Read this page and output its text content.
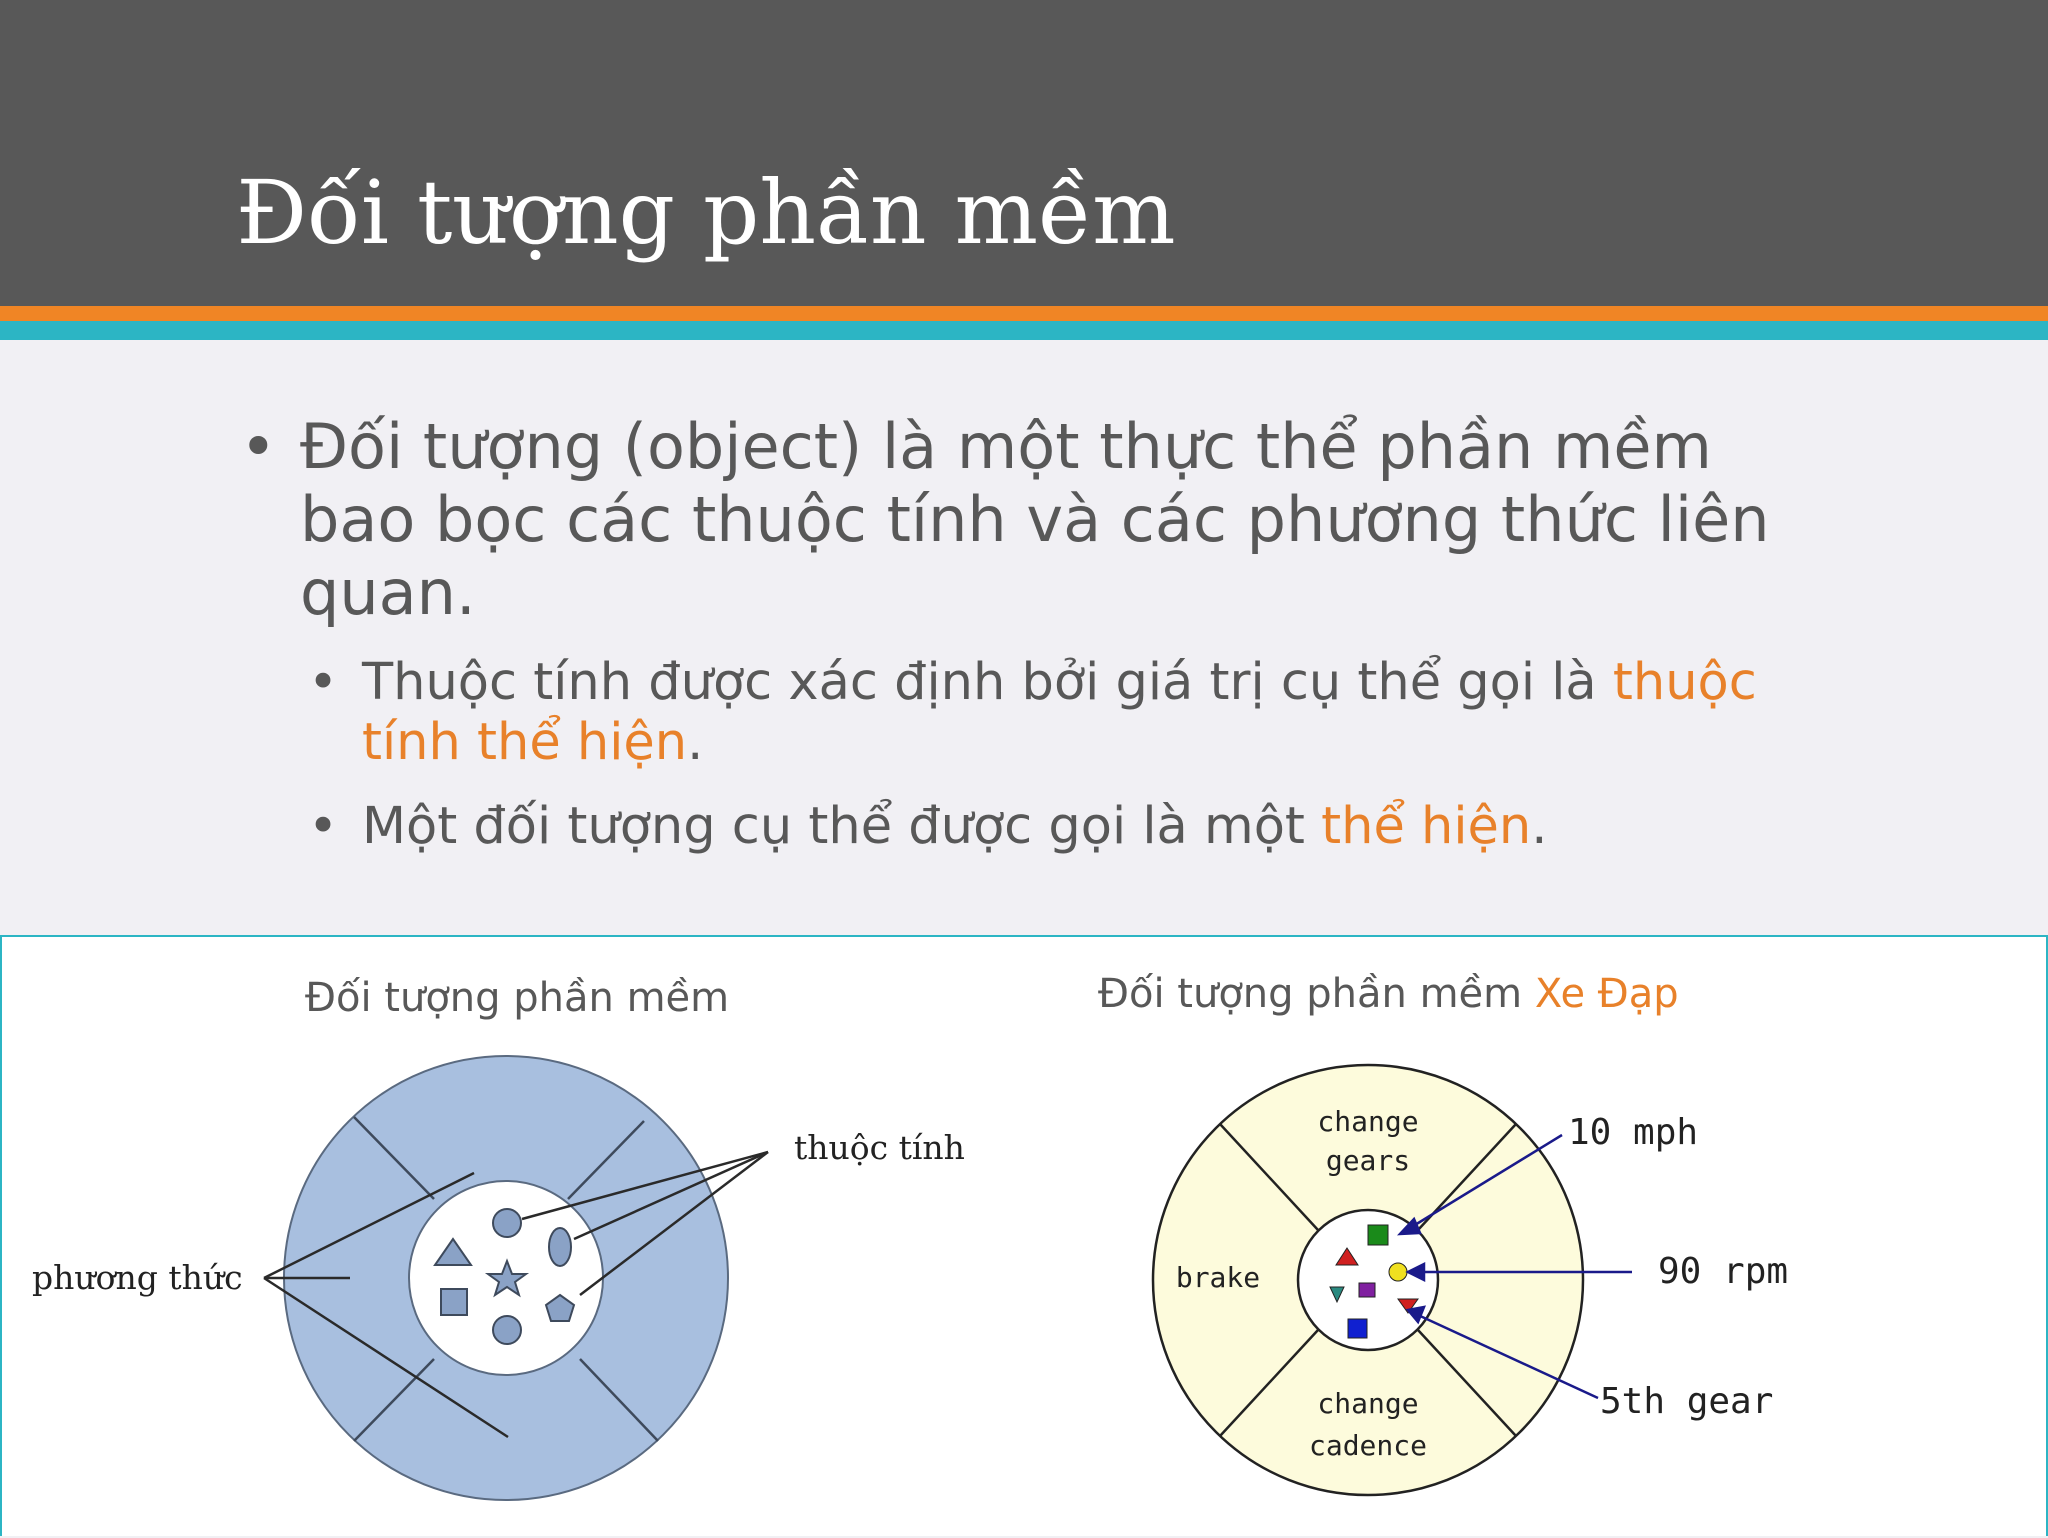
Đối tượng phần mềm
• Đối tượng (object) là một thực thể phần mềm bao bọc các thuộc tính và các phương thức liên quan.
• Thuộc tính được xác định bởi giá trị cụ thể gọi là thuộc tính thể hiện.
• Một đối tượng cụ thể được gọi là một thể hiện.
Đối tượng phần mềm	Đối tượng phần mềm Xe Đạp
phương thức
thuộc tính
change
gears
brake
change
cadence
10 mph
90 rpm
5th gear
